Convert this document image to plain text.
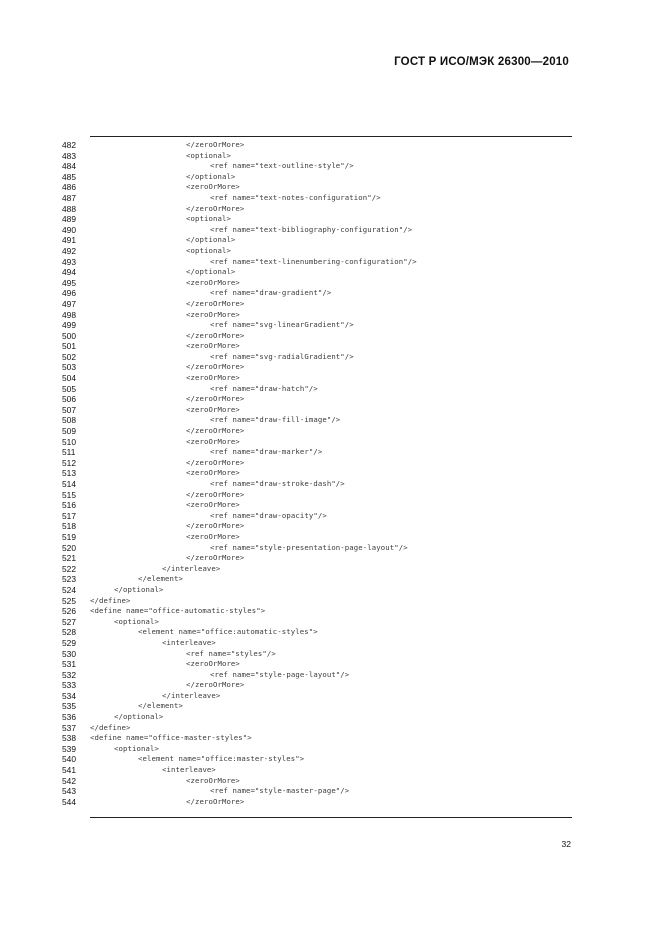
ГОСТ Р ИСО/МЭК 26300—2010
482	</zeroOrMore>
483	<optional>
484	<ref name="text-outline-style"/>
485	</optional>
486	<zeroOrMore>
487	<ref name="text-notes-configuration"/>
488	</zeroOrMore>
489	<optional>
490	<ref name="text-bibliography-configuration"/>
491	</optional>
492	<optional>
493	<ref name="text-linenumbering-configuration"/>
494	</optional>
495	<zeroOrMore>
496	<ref name="draw-gradient"/>
497	</zeroOrMore>
498	<zeroOrMore>
499	<ref name="svg-linearGradient"/>
500	</zeroOrMore>
501	<zeroOrMore>
502	<ref name="svg-radialGradient"/>
503	</zeroOrMore>
504	<zeroOrMore>
505	<ref name="draw-hatch"/>
506	</zeroOrMore>
507	<zeroOrMore>
508	<ref name="draw-fill-image"/>
509	</zeroOrMore>
510	<zeroOrMore>
511	<ref name="draw-marker"/>
512	</zeroOrMore>
513	<zeroOrMore>
514	<ref name="draw-stroke-dash"/>
515	</zeroOrMore>
516	<zeroOrMore>
517	<ref name="draw-opacity"/>
518	</zeroOrMore>
519	<zeroOrMore>
520	<ref name="style-presentation-page-layout"/>
521	</zeroOrMore>
522	</interleave>
523	</element>
524	</optional>
525	</define>
526	<define name="office-automatic-styles">
527	<optional>
528	<element name="office:automatic-styles">
529	<interleave>
530	<ref name="styles"/>
531	<zeroOrMore>
532	<ref name="style-page-layout"/>
533	</zeroOrMore>
534	</interleave>
535	</element>
536	</optional>
537	</define>
538	<define name="office-master-styles">
539	<optional>
540	<element name="office:master-styles">
541	<interleave>
542	<zeroOrMore>
543	<ref name="style-master-page"/>
544	</zeroOrMore>
32
